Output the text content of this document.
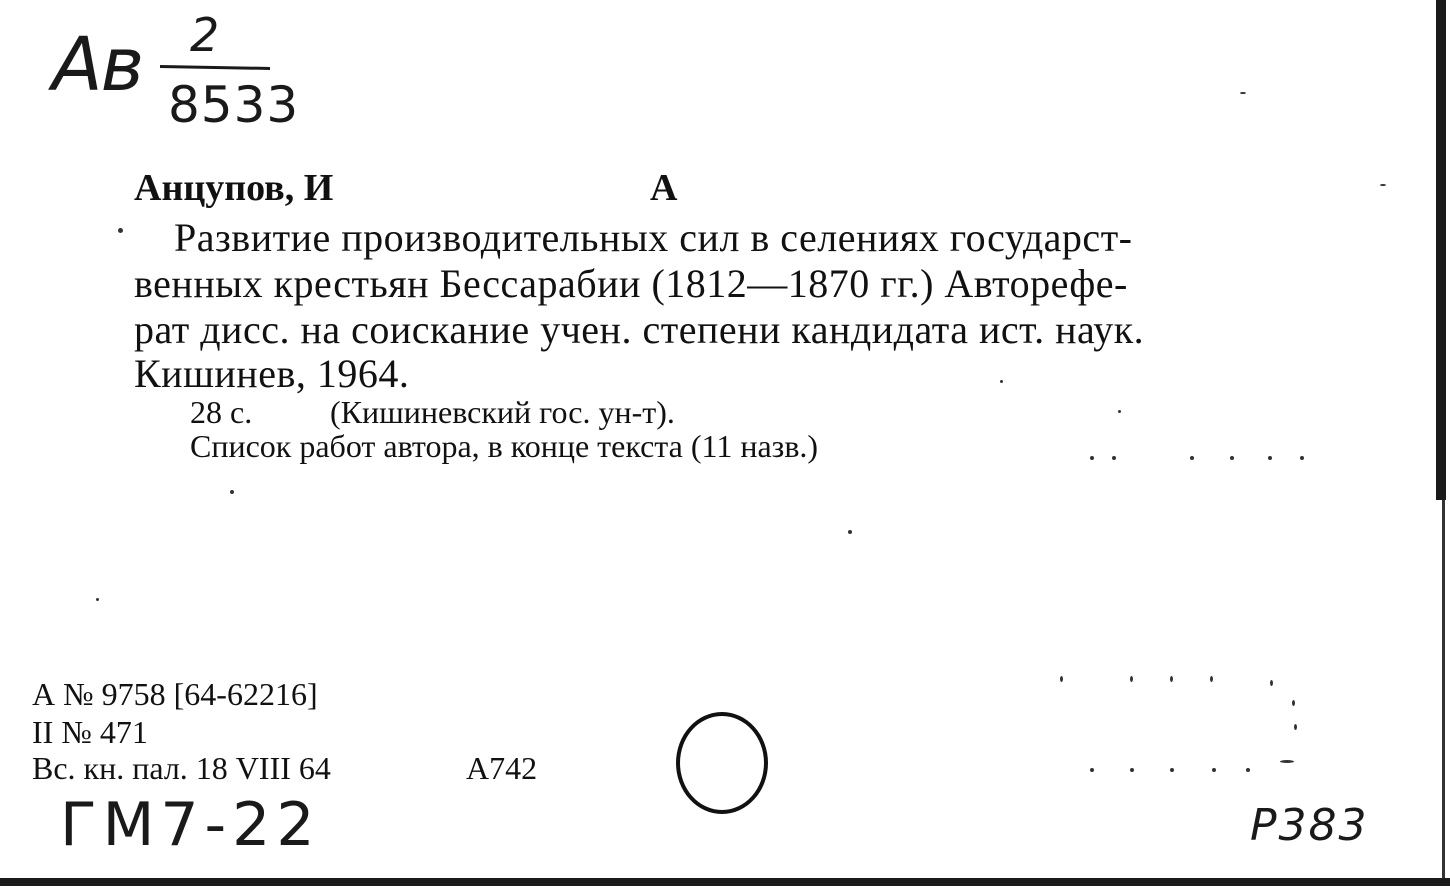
Ав 2
8533
Анцупов, И	А
Развитие производительных сил в селениях государст-
венных крестьян Бессарабии (1812—1870 гг.) Авторефе-
рат дисс. на соискание учен. степени кандидата ист. наук.
Кишинев, 1964.
28 с. (Кишиневский гос. ун-т).
Список работ автора, в конце текста (11 назв.)
А № 9758 [64-62216]
II № 471
Вс. кн. пал. 18 VIII 64	А742
ГМ7-22	Р383
